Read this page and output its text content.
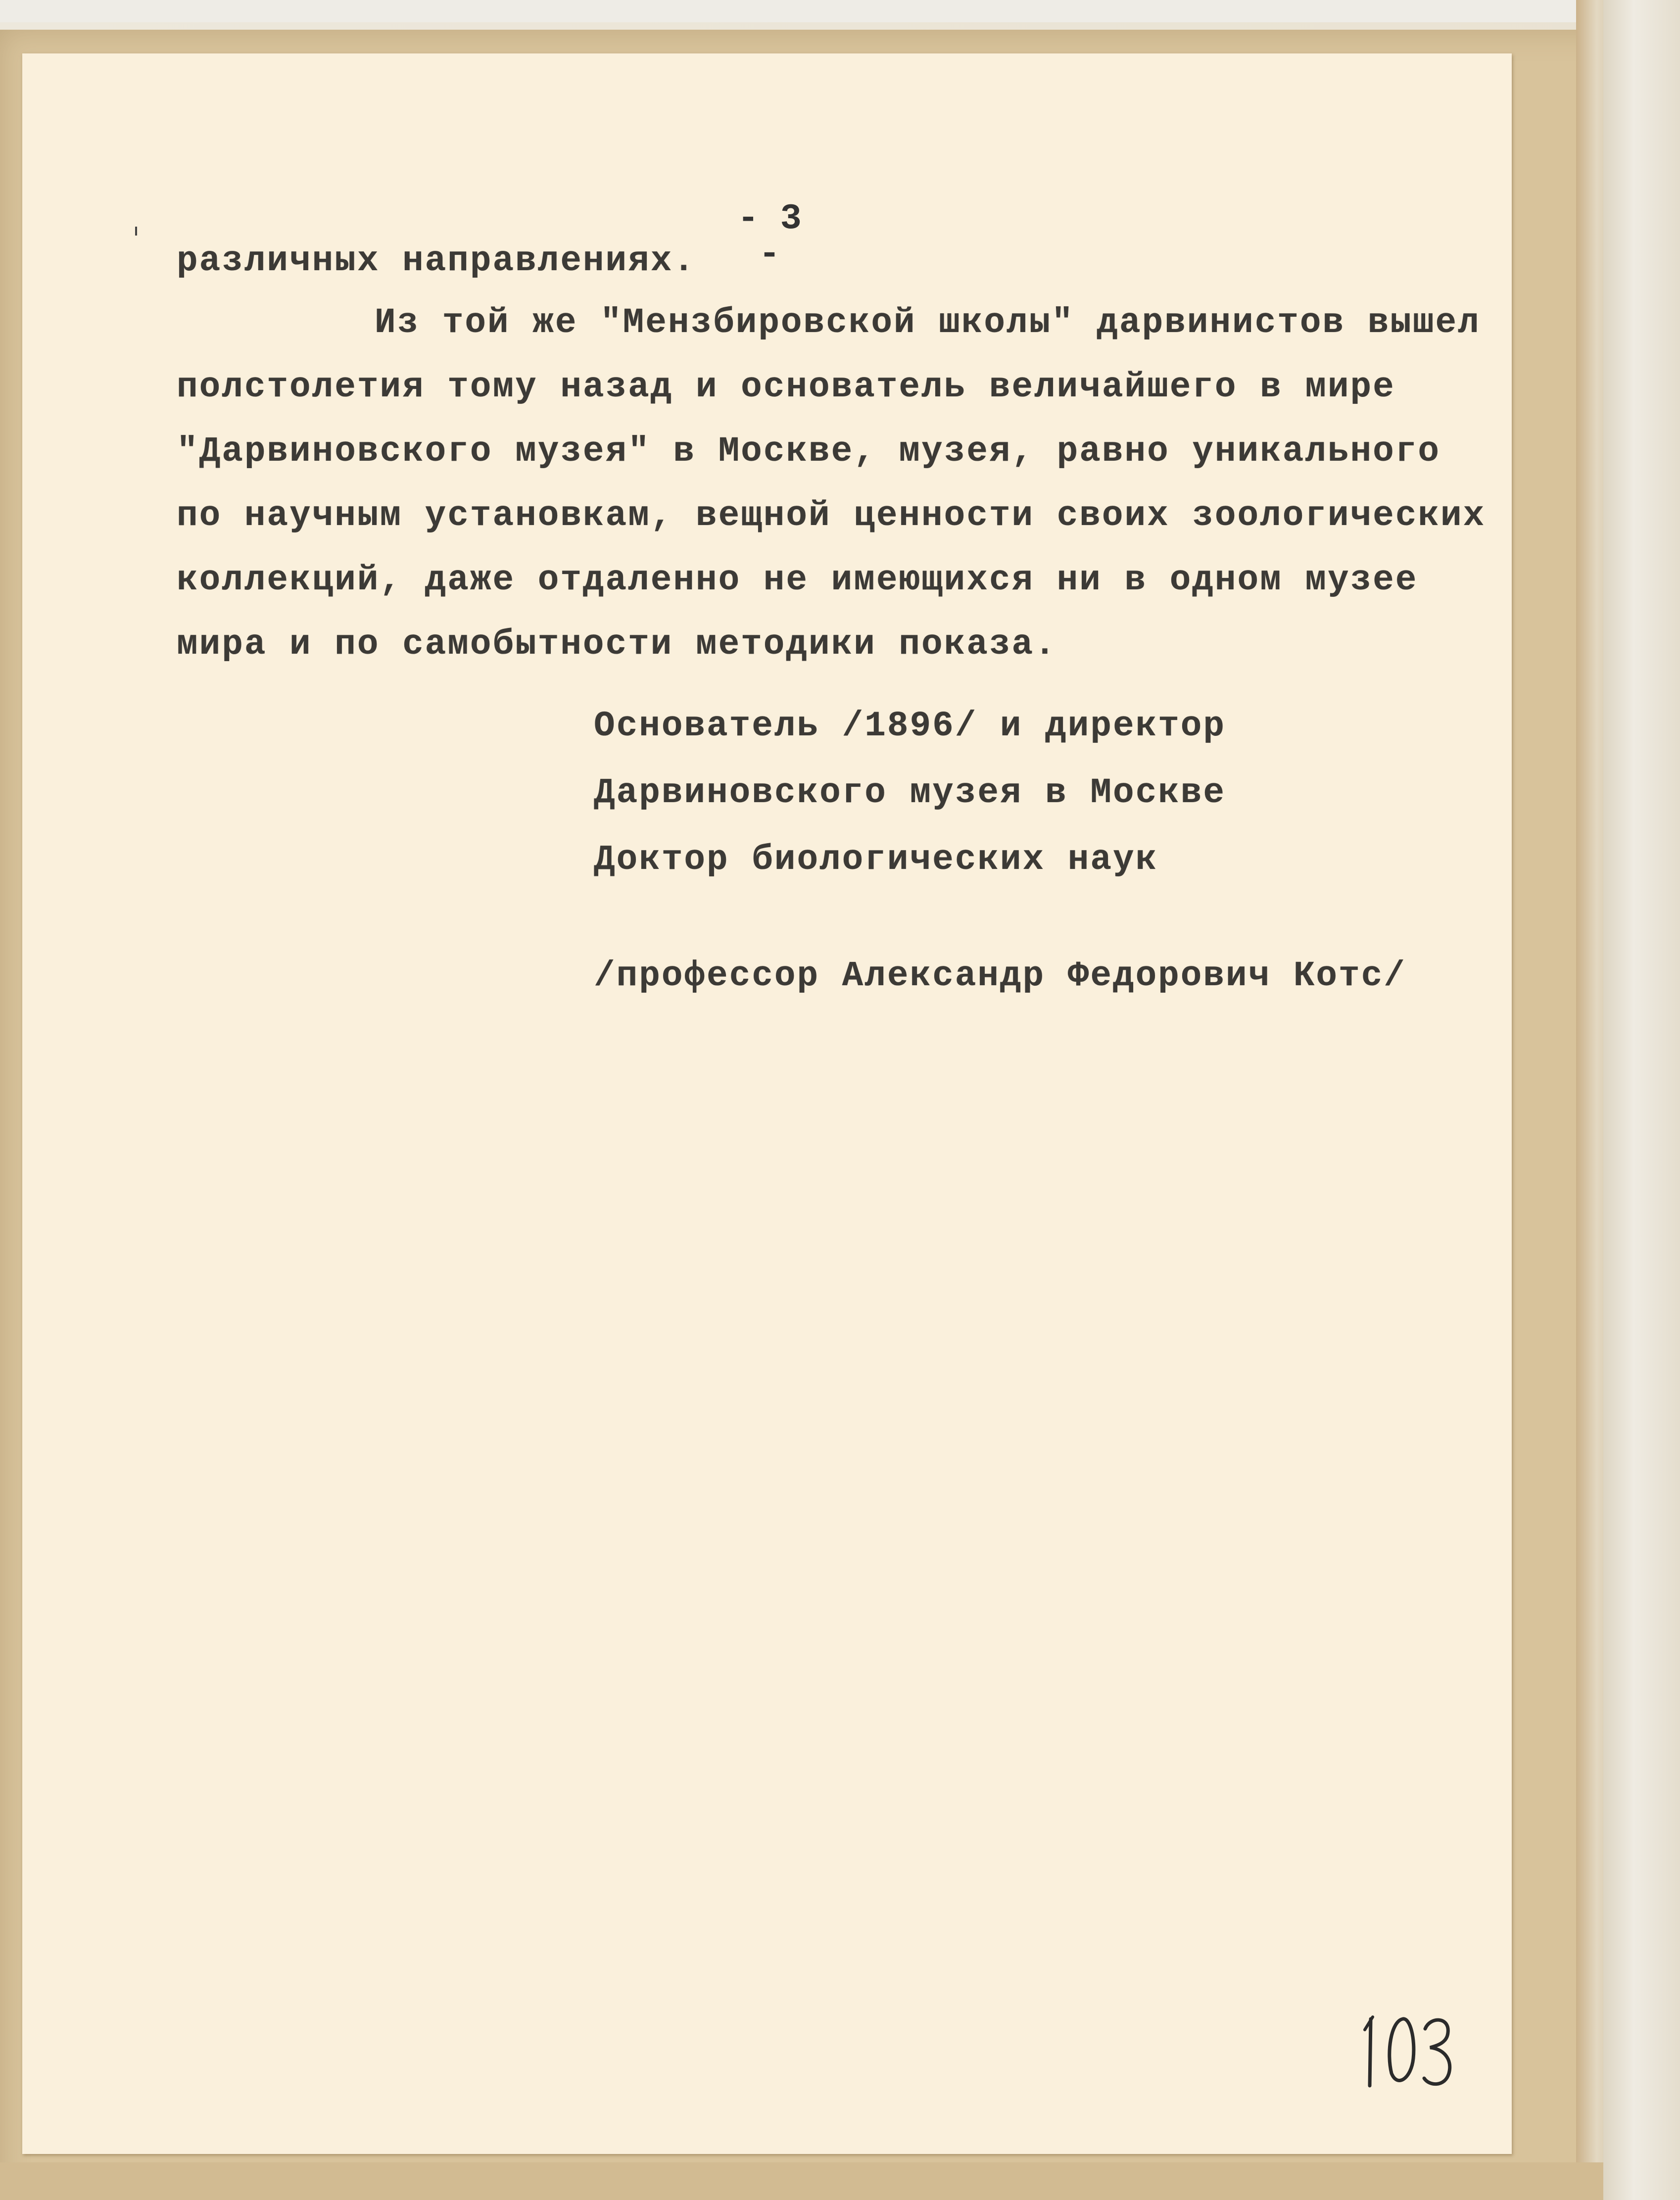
- 3 -

различных направлениях.

Из той же "Мензбировской школы" дарвинистов вышел

полстолетия тому назад и основатель величайшего в мире

"Дарвиновского музея" в Москве, музея, равно уникального

по научным установкам, вещной ценности своих зоологических

коллекций, даже отдаленно не имеющихся ни в одном музее

мира и по самобытности методики показа.

Основатель /1896/ и директор

Дарвиновского музея в Москве

Доктор биологических наук

/профессор Александр Федорович Котс/
